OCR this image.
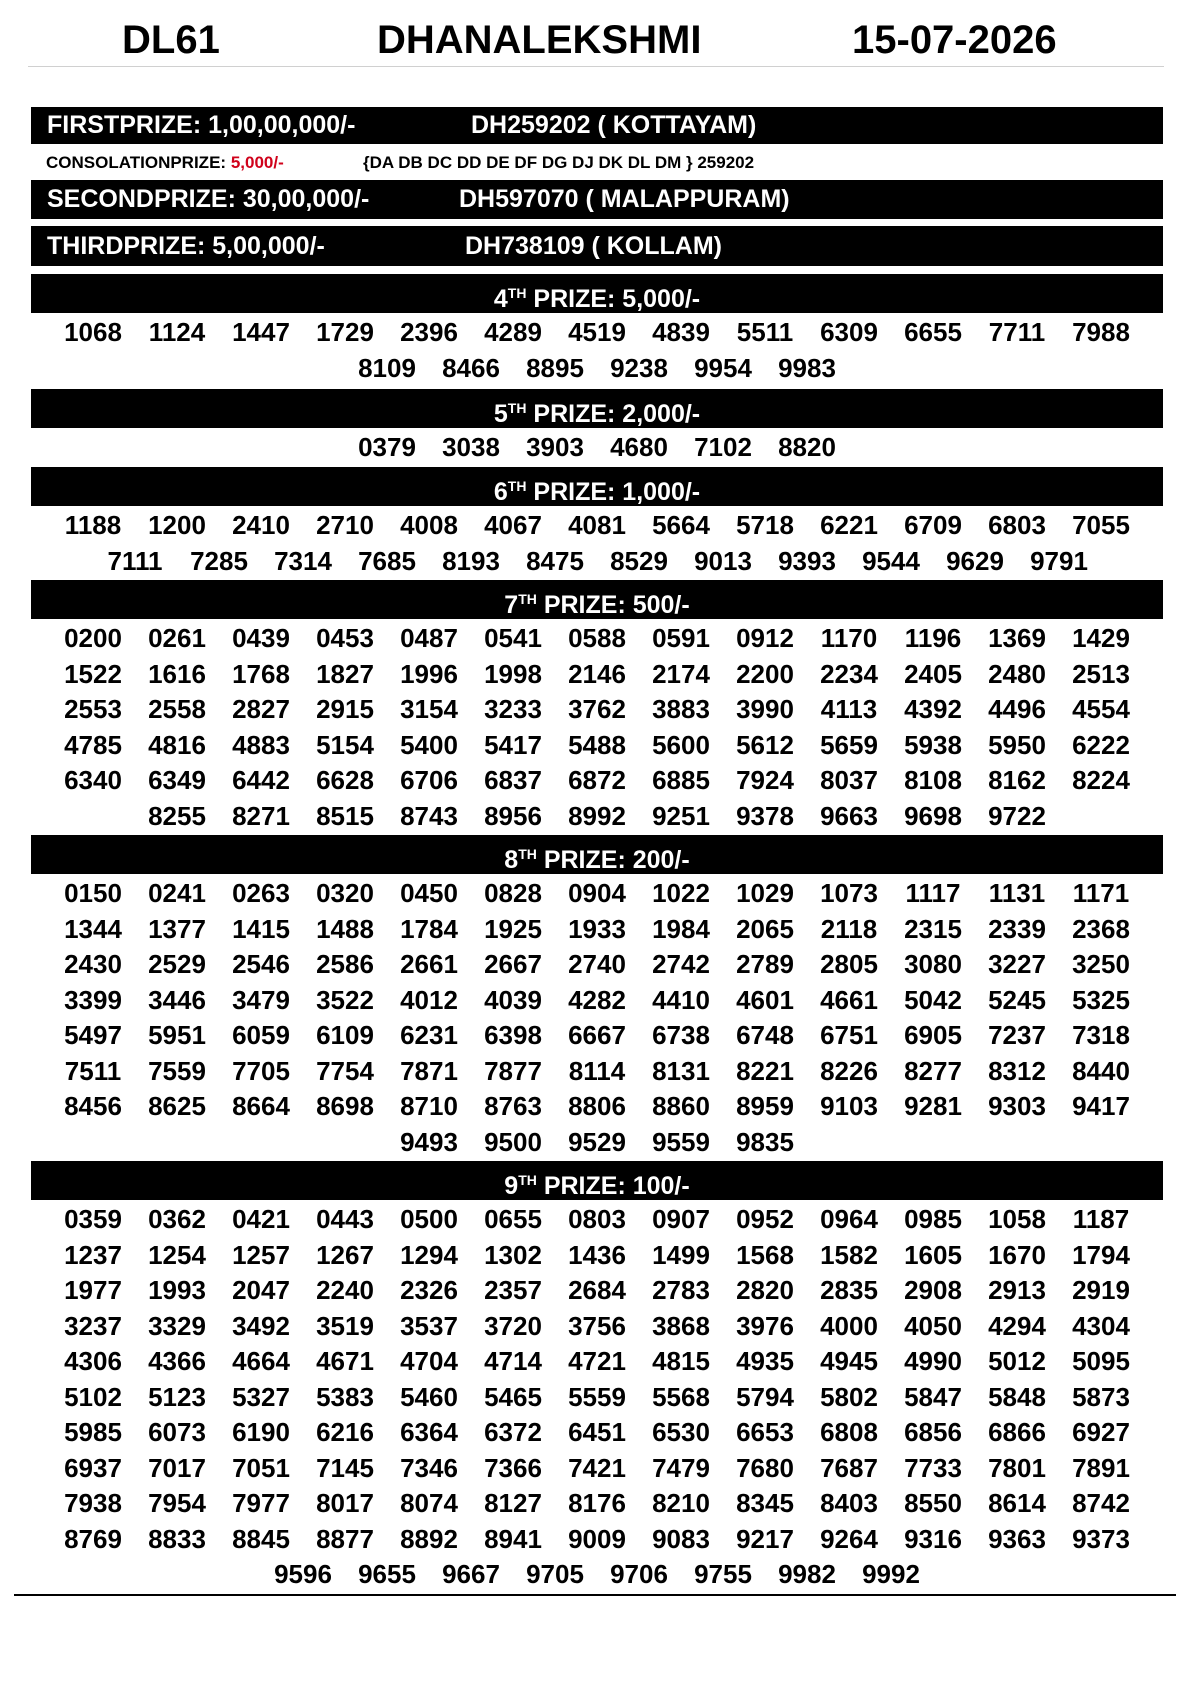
DL61	DHANALEKSHMI	15-07-2026
FIRSTPRIZE: 1,00,00,000/-	DH259202 ( KOTTAYAM)
CONSOLATIONPRIZE: 5,000/-	{DA DB DC DD DE DF DG DJ DK DL DM } 259202
SECONDPRIZE: 30,00,000/-	DH597070 ( MALAPPURAM)
THIRDPRIZE: 5,00,000/-	DH738109 ( KOLLAM)
4TH PRIZE: 5,000/-
1068	1124	1447	1729	2396	4289	4519	4839	5511	6309	6655	7711	7988
8109	8466	8895	9238	9954	9983
5TH PRIZE: 2,000/-
0379	3038	3903	4680	7102	8820
6TH PRIZE: 1,000/-
1188	1200	2410	2710	4008	4067	4081	5664	5718	6221	6709	6803	7055
7111	7285	7314	7685	8193	8475	8529	9013	9393	9544	9629	9791
7TH PRIZE: 500/-
0200	0261	0439	0453	0487	0541	0588	0591	0912	1170	1196	1369	1429
1522	1616	1768	1827	1996	1998	2146	2174	2200	2234	2405	2480	2513
2553	2558	2827	2915	3154	3233	3762	3883	3990	4113	4392	4496	4554
4785	4816	4883	5154	5400	5417	5488	5600	5612	5659	5938	5950	6222
6340	6349	6442	6628	6706	6837	6872	6885	7924	8037	8108	8162	8224
8255	8271	8515	8743	8956	8992	9251	9378	9663	9698	9722
8TH PRIZE: 200/-
0150	0241	0263	0320	0450	0828	0904	1022	1029	1073	1117	1131	1171
1344	1377	1415	1488	1784	1925	1933	1984	2065	2118	2315	2339	2368
2430	2529	2546	2586	2661	2667	2740	2742	2789	2805	3080	3227	3250
3399	3446	3479	3522	4012	4039	4282	4410	4601	4661	5042	5245	5325
5497	5951	6059	6109	6231	6398	6667	6738	6748	6751	6905	7237	7318
7511	7559	7705	7754	7871	7877	8114	8131	8221	8226	8277	8312	8440
8456	8625	8664	8698	8710	8763	8806	8860	8959	9103	9281	9303	9417
9493	9500	9529	9559	9835
9TH PRIZE: 100/-
0359	0362	0421	0443	0500	0655	0803	0907	0952	0964	0985	1058	1187
1237	1254	1257	1267	1294	1302	1436	1499	1568	1582	1605	1670	1794
1977	1993	2047	2240	2326	2357	2684	2783	2820	2835	2908	2913	2919
3237	3329	3492	3519	3537	3720	3756	3868	3976	4000	4050	4294	4304
4306	4366	4664	4671	4704	4714	4721	4815	4935	4945	4990	5012	5095
5102	5123	5327	5383	5460	5465	5559	5568	5794	5802	5847	5848	5873
5985	6073	6190	6216	6364	6372	6451	6530	6653	6808	6856	6866	6927
6937	7017	7051	7145	7346	7366	7421	7479	7680	7687	7733	7801	7891
7938	7954	7977	8017	8074	8127	8176	8210	8345	8403	8550	8614	8742
8769	8833	8845	8877	8892	8941	9009	9083	9217	9264	9316	9363	9373
9596	9655	9667	9705	9706	9755	9982	9992
